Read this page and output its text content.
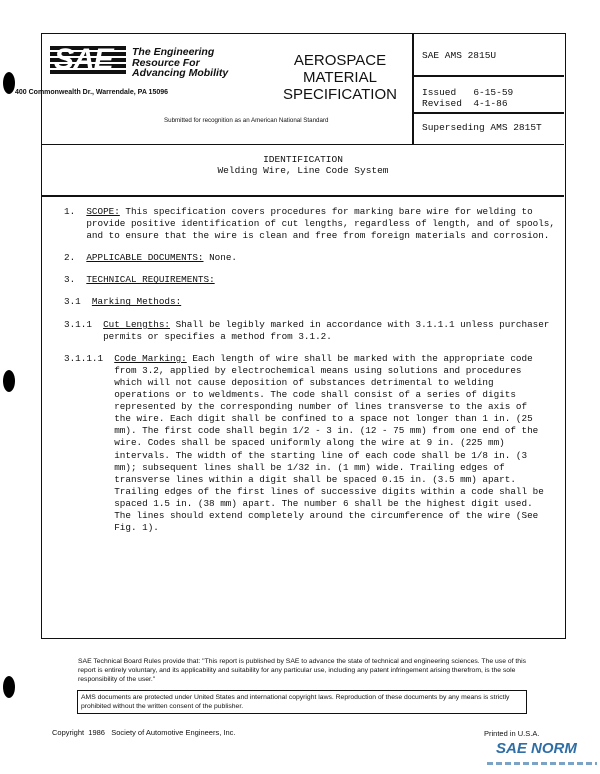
SAE The Engineering
Resource For
Advancing Mobility
400 Commonwealth Dr., Warrendale, PA 15096
Submitted for recognition as an American National Standard
AEROSPACE
MATERIAL
SPECIFICATION
SAE AMS 2815U
Issued 6-15-59
Revised 4-1-86
Superseding AMS 2815T
IDENTIFICATION
Welding Wire, Line Code System
1. SCOPE: This specification covers procedures for marking bare wire for welding to provide positive identification of cut lengths, regardless of length, and of spools, and to ensure that the wire is clean and free from foreign materials and corrosion.
2. APPLICABLE DOCUMENTS: None.
3. TECHNICAL REQUIREMENTS:
3.1 Marking Methods:
3.1.1 Cut Lengths: Shall be legibly marked in accordance with 3.1.1.1 unless purchaser permits or specifies a method from 3.1.2.
3.1.1.1 Code Marking: Each length of wire shall be marked with the appropriate code from 3.2, applied by electrochemical means using solutions and procedures which will not cause deposition of substances detrimental to welding operations or to weldments. The code shall consist of a series of digits represented by the corresponding number of lines transverse to the axis of the wire. Each digit shall be confined to a space not longer than 1 in. (25 mm). The first code shall begin 1/2 - 3 in. (12 - 75 mm) from one end of the wire. Codes shall be spaced uniformly along the wire at 9 in. (225 mm) intervals. The width of the starting line of each code shall be 1/8 in. (3 mm); subsequent lines shall be 1/32 in. (1 mm) wide. Trailing edges of transverse lines within a digit shall be spaced 0.15 in. (3.5 mm) apart. Trailing edges of the first lines of successive digits within a code shall be spaced 1.5 in. (38 mm) apart. The number 6 shall be the highest digit used. The lines should extend completely around the circumference of the wire (See Fig. 1).
SAE Technical Board Rules provide that: "This report is published by SAE to advance the state of technical and engineering sciences. The use of this report is entirely voluntary, and its applicability and suitability for any particular use, including any patent infringement arising therefrom, is the sole responsibility of the user."
AMS documents are protected under United States and international copyright laws. Reproduction of these documents by any means is strictly prohibited without the written consent of the publisher.
Copyright 1986 Society of Automotive Engineers, Inc.	Printed in U.S.A.
SAE NORM
